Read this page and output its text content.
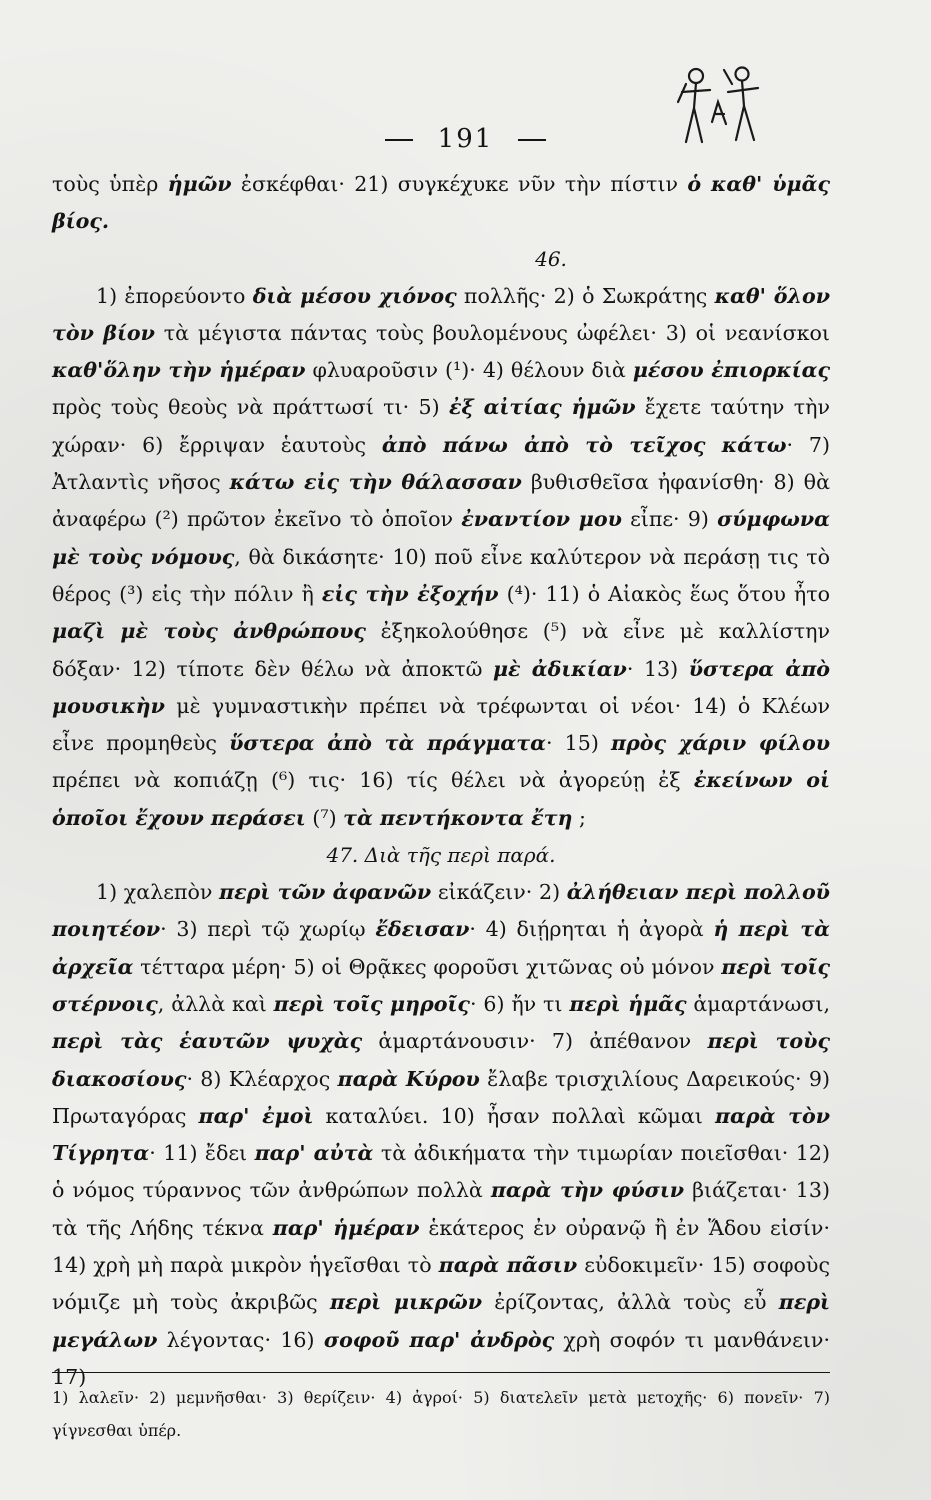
191

τοὺς ὑπὲρ ἡμῶν ἐσκέφθαι· 21) συγκέχυκε νῦν τὴν πίστιν ὁ καθ' ὑμᾶς βίος.

46.

1) ἐπορεύοντο διὰ μέσου χιόνος πολλῆς· 2) ὁ Σωκράτης καθ' ὅλον τὸν βίον τὰ μέγιστα πάντας τοὺς βουλομένους ὠφέλει· 3) οἱ νεανίσκοι καθ'ὅλην τὴν ἡμέραν φλυαροῦσιν (¹)· 4) θέλουν διὰ μέσου ἐπιορκίας πρὸς τοὺς θεοὺς νὰ πράττωσί τι· 5) ἐξ αἰτίας ἡμῶν ἔχετε ταύτην τὴν χώραν· 6) ἔρριψαν ἑαυτοὺς ἀπὸ πάνω ἀπὸ τὸ τεῖχος κάτω· 7) Ἀτλαντὶς νῆσος κάτω εἰς τὴν θάλασσαν βυθισθεῖσα ἠφανίσθη· 8) θὰ ἀναφέρω (²) πρῶτον ἐκεῖνο τὸ ὁποῖον ἐναντίον μου εἶπε· 9) σύμφωνα μὲ τοὺς νόμους, θὰ δικάσητε· 10) ποῦ εἶνε καλύτερον νὰ περάσῃ τις τὸ θέρος (³) εἰς τὴν πόλιν ἢ εἰς τὴν ἐξοχήν (⁴)· 11) ὁ Αἰακὸς ἕως ὅτου ἦτο μαζὶ μὲ τοὺς ἀνθρώπους ἐξηκολούθησε (⁵) νὰ εἶνε μὲ καλλίστην δόξαν· 12) τίποτε δὲν θέλω νὰ ἀποκτῶ μὲ ἀδικίαν· 13) ὕστερα ἀπὸ μουσικὴν μὲ γυμναστικὴν πρέπει νὰ τρέφωνται οἱ νέοι· 14) ὁ Κλέων εἶνε προμηθεὺς ὕστερα ἀπὸ τὰ πράγματα· 15) πρὸς χάριν φίλου πρέπει νὰ κοπιάζῃ (⁶) τις· 16) τίς θέλει νὰ ἀγορεύῃ ἐξ ἐκείνων οἱ ὁποῖοι ἔχουν περάσει (⁷) τὰ πεντήκοντα ἔτη ;

47. Διὰ τῆς περὶ παρά.

1) χαλεπὸν περὶ τῶν ἀφανῶν εἰκάζειν· 2) ἀλήθειαν περὶ πολλοῦ ποιητέον· 3) περὶ τῷ χωρίῳ ἔδεισαν· 4) διῄρηται ἡ ἀγορὰ ἡ περὶ τὰ ἀρχεῖα τέτταρα μέρη· 5) οἱ Θρᾷκες φοροῦσι χιτῶνας οὐ μόνον περὶ τοῖς στέρνοις, ἀλλὰ καὶ περὶ τοῖς μηροῖς· 6) ἤν τι περὶ ἡμᾶς ἁμαρτάνωσι, περὶ τὰς ἑαυτῶν ψυχὰς ἁμαρτάνουσιν· 7) ἀπέθανον περὶ τοὺς διακοσίους· 8) Κλέαρχος παρὰ Κύρου ἔλαβε τρισχιλίους Δαρεικούς· 9) Πρωταγόρας παρ' ἐμοὶ καταλύει. 10) ἦσαν πολλαὶ κῶμαι παρὰ τὸν Τίγρητα· 11) ἔδει παρ' αὐτὰ τὰ ἀδικήματα τὴν τιμωρίαν ποιεῖσθαι· 12) ὁ νόμος τύραννος τῶν ἀνθρώπων πολλὰ παρὰ τὴν φύσιν βιάζεται· 13) τὰ τῆς Λήδης τέκνα παρ' ἡμέραν ἑκάτερος ἐν οὐρανῷ ἢ ἐν Ἅδου εἰσίν· 14) χρὴ μὴ παρὰ μικρὸν ἡγεῖσθαι τὸ παρὰ πᾶσιν εὐδοκιμεῖν· 15) σοφοὺς νόμιζε μὴ τοὺς ἀκριβῶς περὶ μικρῶν ἐρίζοντας, ἀλλὰ τοὺς εὖ περὶ μεγάλων λέγοντας· 16) σοφοῦ παρ' ἀνδρὸς χρὴ σοφόν τι μανθάνειν· 17)

1) λαλεῖν· 2) μεμνῆσθαι· 3) θερίζειν· 4) ἀγροί· 5) διατελεῖν μετὰ μετοχῆς· 6) πονεῖν· 7) γίγνεσθαι ὑπέρ.
